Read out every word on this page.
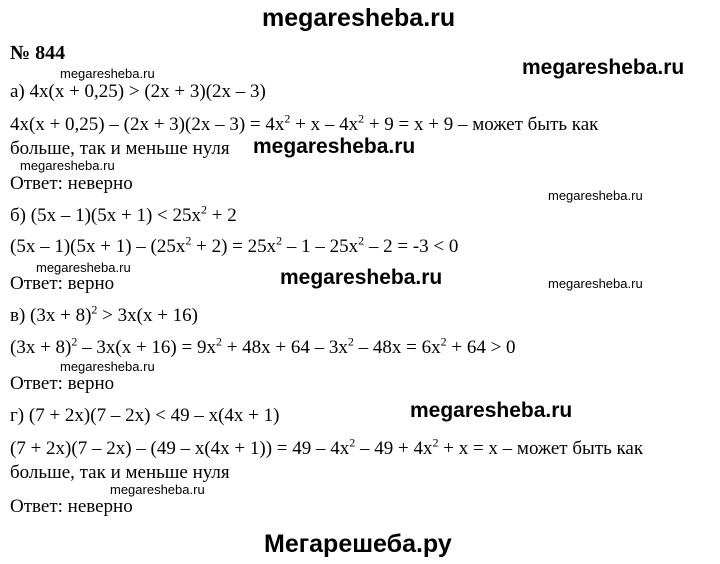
megaresheba.ru
№ 844
megaresheba.ru	megaresheba.ru
а) 4x(x + 0,25) > (2x + 3)(2x – 3)
$4x(x + 0,25) - (2x + 3)(2x - 3) = 4x^2 + x - 4x^2 + 9 = x + 9$ – может быть как
больше, так и меньше нуля megaresheba.ru
megaresheba.ru
Ответ: неверно
megaresheba.ru
б) $(5x - 1)(5x + 1) < 25x^2 + 2$
$(5x - 1)(5x + 1) - (25x^2 + 2) = 25x^2 - 1 - 25x^2 - 2 = -3 < 0$
megaresheba.ru	megaresheba.ru
Ответ: верно	megaresheba.ru
в) $(3x + 8)^2 > 3x(x + 16)$
$(3x + 8)^2 - 3x(x + 16) = 9x^2 + 48x + 64 - 3x^2 - 48x = 6x^2 + 64 > 0$
megaresheba.ru
Ответ: верно
megaresheba.ru
г) (7 + 2x)(7 – 2x) < 49 – x(4x + 1)
$(7 + 2x)(7 - 2x) - (49 - x(4x + 1)) = 49 - 4x^2 - 49 + 4x^2 + x = x$ – может быть как
больше, так и меньше нуля
megaresheba.ru
Ответ: неверно
Мегарешеба.ру
